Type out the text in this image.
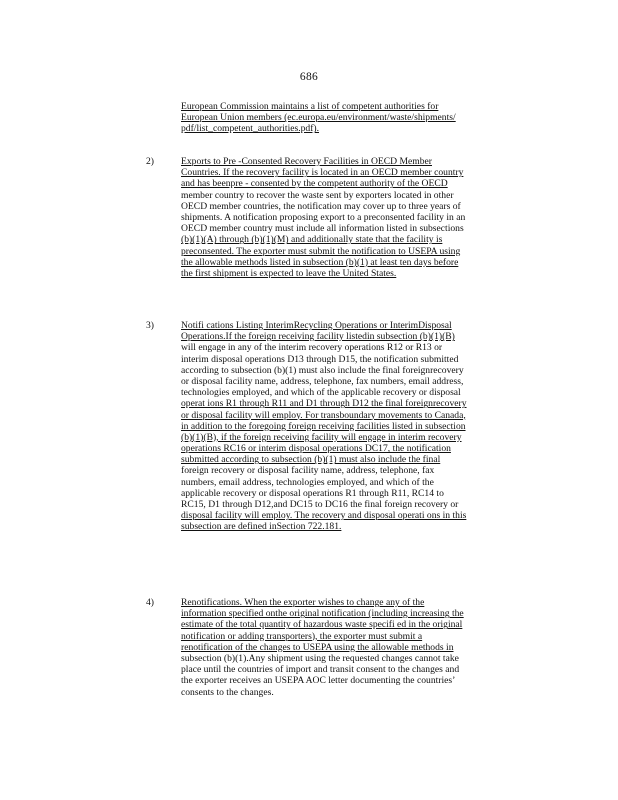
686
European Commission maintains a list of competent authorities for
European Union members (ec.europa.eu/environment/waste/shipments/
pdf/list_competent_authorities.pdf).
2)	Exports to Pre -Consented Recovery Facilities in OECD Member
Countries. If the recovery facility is located in an OECD member country
and has beenpre - consented by the competent authority of the OECD
member country to recover the waste sent by exporters located in other
OECD member countries, the notification may cover up to three years of
shipments. A notification proposing export to a preconsented facility in an
OECD member country must include all information listed in subsections
(b)(1)(A) through (b)(1)(M) and additionally state that the facility is
preconsented. The exporter must submit the notification to USEPA using
the allowable methods listed in subsection (b)(1) at least ten days before
the first shipment is expected to leave the United States.
3)	Notifi cations Listing InterimRecycling Operations or InterimDisposal
Operations.If the foreign receiving facility listedin subsection (b)(1)(B)
will engage in any of the interim recovery operations R12 or R13 or
interim disposal operations D13 through D15, the notification submitted
according to subsection (b)(1) must also include the final foreignrecovery
or disposal facility name, address, telephone, fax numbers, email address,
technologies employed, and which of the applicable recovery or disposal
operat ions R1 through R11 and D1 through D12 the final foreignrecovery
or disposal facility will employ. For transboundary movements to Canada,
in addition to the foregoing foreign receiving facilities listed in subsection
(b)(1)(B), if the foreign receiving facility will engage in interim recovery
operations RC16 or interim disposal operations DC17, the notification
submitted according to subsection (b)(1) must also include the final
foreign recovery or disposal facility name, address, telephone, fax
numbers, email address, technologies employed, and which of the
applicable recovery or disposal operations R1 through R11, RC14 to
RC15, D1 through D12,and DC15 to DC16 the final foreign recovery or
disposal facility will employ. The recovery and disposal operati ons in this
subsection are defined inSection 722.181.
4)	Renotifications. When the exporter wishes to change any of the
information specified onthe original notification (including increasing the
estimate of the total quantity of hazardous waste specifi ed in the original
notification or adding transporters), the exporter must submit a
renotification of the changes to USEPA using the allowable methods in
subsection (b)(1).Any shipment using the requested changes cannot take
place until the countries of import and transit consent to the changes and
the exporter receives an USEPA AOC letter documenting the countries’
consents to the changes.
